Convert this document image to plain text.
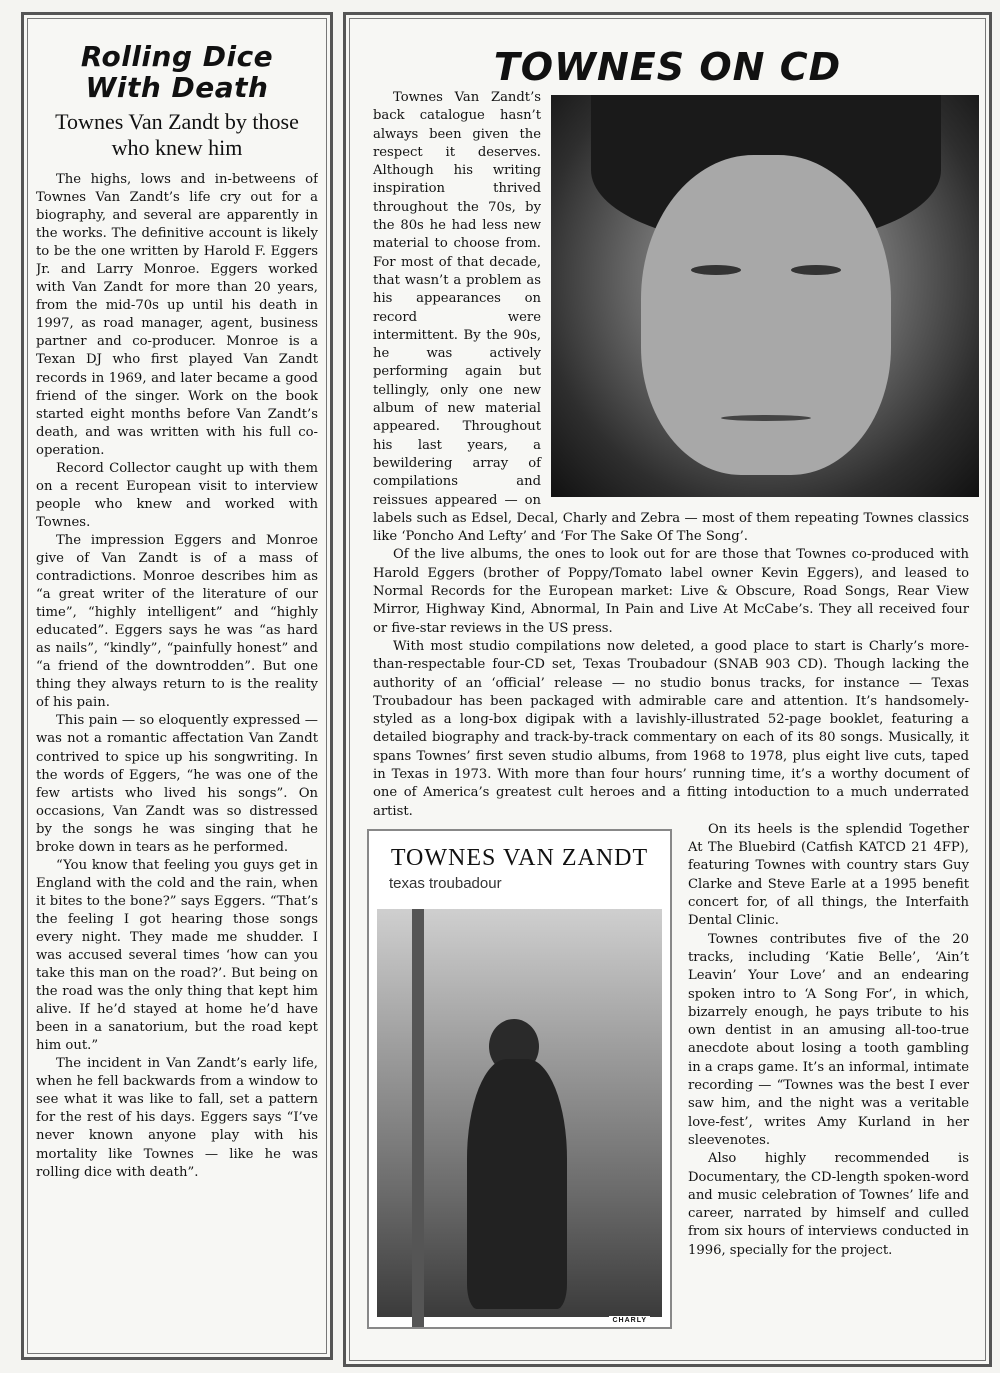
Rolling Dice
With Death
Townes Van Zandt by those who knew him

The highs, lows and in-betweens of Townes Van Zandt’s life cry out for a biography, and several are apparently in the works. The definitive account is likely to be the one written by Harold F. Eggers Jr. and Larry Monroe. Eggers worked with Van Zandt for more than 20 years, from the mid-70s up until his death in 1997, as road manager, agent, business partner and co-producer. Monroe is a Texan DJ who first played Van Zandt records in 1969, and later became a good friend of the singer. Work on the book started eight months before Van Zandt’s death, and was written with his full co-operation.

Record Collector caught up with them on a recent European visit to interview people who knew and worked with Townes.

The impression Eggers and Monroe give of Van Zandt is of a mass of contradictions. Monroe describes him as “a great writer of the literature of our time”, “highly intelligent” and “highly educated”. Eggers says he was “as hard as nails”, “kindly”, “painfully honest” and “a friend of the downtrodden”. But one thing they always return to is the reality of his pain.

This pain — so eloquently expressed — was not a romantic affectation Van Zandt contrived to spice up his songwriting. In the words of Eggers, “he was one of the few artists who lived his songs”. On occasions, Van Zandt was so distressed by the songs he was singing that he broke down in tears as he performed.

“You know that feeling you guys get in England with the cold and the rain, when it bites to the bone?” says Eggers. “That’s the feeling I got hearing those songs every night. They made me shudder. I was accused several times ‘how can you take this man on the road?’. But being on the road was the only thing that kept him alive. If he’d stayed at home he’d have been in a sanatorium, but the road kept him out.”

The incident in Van Zandt’s early life, when he fell backwards from a window to see what it was like to fall, set a pattern for the rest of his days. Eggers says “I’ve never known anyone play with his mortality like Townes — like he was rolling dice with death”.

TOWNES ON CD

Townes Van Zandt’s back catalogue hasn’t always been given the respect it deserves. Although his writing inspiration thrived throughout the 70s, by the 80s he had less new material to choose from. For most of that decade, that wasn’t a problem as his appearances on record were intermittent. By the 90s, he was actively performing again but tellingly, only one new album of new material appeared. Throughout his last years, a bewildering array of compilations and reissues appeared — on labels such as Edsel, Decal, Charly and Zebra — most of them repeating Townes classics like ‘Poncho And Lefty’ and ‘For The Sake Of The Song’.

Of the live albums, the ones to look out for are those that Townes co-produced with Harold Eggers (brother of Poppy/Tomato label owner Kevin Eggers), and leased to Normal Records for the European market: Live & Obscure, Road Songs, Rear View Mirror, Highway Kind, Abnormal, In Pain and Live At McCabe’s. They all received four or five-star reviews in the US press.

With most studio compilations now deleted, a good place to start is Charly’s more-than-respectable four-CD set, Texas Troubadour (SNAB 903 CD). Though lacking the authority of an ‘official’ release — no studio bonus tracks, for instance — Texas Troubadour has been packaged with admirable care and attention. It’s handsomely-styled as a long-box digipak with a lavishly-illustrated 52-page booklet, featuring a detailed biography and track-by-track commentary on each of its 80 songs. Musically, it spans Townes’ first seven studio albums, from 1968 to 1978, plus eight live cuts, taped in Texas in 1973. With more than four hours’ running time, it’s a worthy document of one of America’s greatest cult heroes and a fitting intoduction to a much underrated artist.

TOWNES VAN ZANDT
texas troubadour
CHARLY

On its heels is the splendid Together At The Bluebird (Catfish KATCD 21 4FP), featuring Townes with country stars Guy Clarke and Steve Earle at a 1995 benefit concert for, of all things, the Interfaith Dental Clinic.

Townes contributes five of the 20 tracks, including ‘Katie Belle’, ‘Ain’t Leavin’ Your Love’ and an endearing spoken intro to ‘A Song For’, in which, bizarrely enough, he pays tribute to his own dentist in an amusing all-too-true anecdote about losing a tooth gambling in a craps game. It’s an informal, intimate recording — “Townes was the best I ever saw him, and the night was a veritable love-fest’, writes Amy Kurland in her sleevenotes.

Also highly recommended is Documentary, the CD-length spoken-word and music celebration of Townes’ life and career, narrated by himself and culled from six hours of interviews conducted in 1996, specially for the project.
